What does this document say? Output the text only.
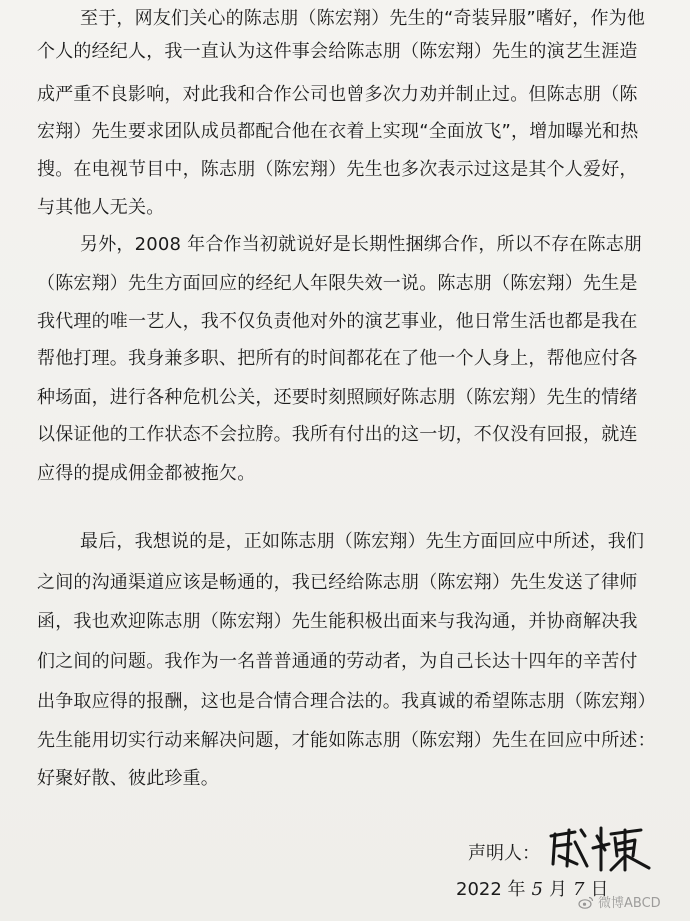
至于，网友们关心的陈志朋（陈宏翔）先生的“奇装异服”嗜好，作为他
个人的经纪人，我一直认为这件事会给陈志朋（陈宏翔）先生的演艺生涯造
成严重不良影响，对此我和合作公司也曾多次力劝并制止过。但陈志朋（陈
宏翔）先生要求团队成员都配合他在衣着上实现“全面放飞”，增加曝光和热
搜。在电视节目中，陈志朋（陈宏翔）先生也多次表示过这是其个人爱好，
与其他人无关。
另外，2008 年合作当初就说好是长期性捆绑合作，所以不存在陈志朋
（陈宏翔）先生方面回应的经纪人年限失效一说。陈志朋（陈宏翔）先生是
我代理的唯一艺人，我不仅负责他对外的演艺事业，他日常生活也都是我在
帮他打理。我身兼多职、把所有的时间都花在了他一个人身上，帮他应付各
种场面，进行各种危机公关，还要时刻照顾好陈志朋（陈宏翔）先生的情绪
以保证他的工作状态不会拉胯。我所有付出的这一切，不仅没有回报，就连
应得的提成佣金都被拖欠。
最后，我想说的是，正如陈志朋（陈宏翔）先生方面回应中所述，我们
之间的沟通渠道应该是畅通的，我已经给陈志朋（陈宏翔）先生发送了律师
函，我也欢迎陈志朋（陈宏翔）先生能积极出面来与我沟通，并协商解决我
们之间的问题。我作为一名普普通通的劳动者，为自己长达十四年的辛苦付
出争取应得的报酬，这也是合情合理合法的。我真诚的希望陈志朋（陈宏翔）
先生能用切实行动来解决问题，才能如陈志朋（陈宏翔）先生在回应中所述：
好聚好散、彼此珍重。
声明人：
2022 年 5 月 7 日
微博ABCD
